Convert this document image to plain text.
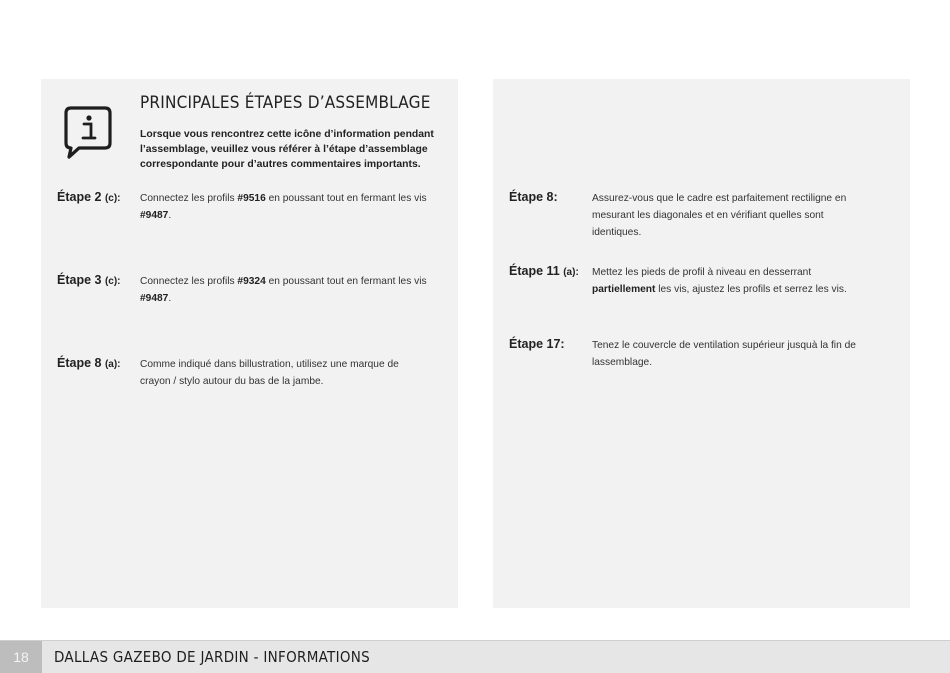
PRINCIPALES ÉTAPES D’ASSEMBLAGE
Lorsque vous rencontrez cette icône d’information pendant l’assemblage, veuillez vous référer à l’étape d’assemblage correspondante pour d’autres commentaires importants.
Étape 2 (c): Connectez les profils #9516 en poussant tout en fermant les vis #9487.
Étape 3 (c): Connectez les profils #9324 en poussant tout en fermant les vis #9487.
Étape 8 (a): Comme indiqué dans billustration, utilisez une marque de crayon / stylo autour du bas de la jambe.
Étape 8:	Assurez-vous que le cadre est parfaitement rectiligne en mesurant les diagonales et en vérifiant quelles sont identiques.
Étape 11 (a): Mettez les pieds de profil à niveau en desserrant partiellement les vis, ajustez les profils et serrez les vis.
Étape 17:	Tenez le couvercle de ventilation supérieur jusquà la fin de lassemblage.
18	DALLAS GAZEBO DE JARDIN - INFORMATIONS
